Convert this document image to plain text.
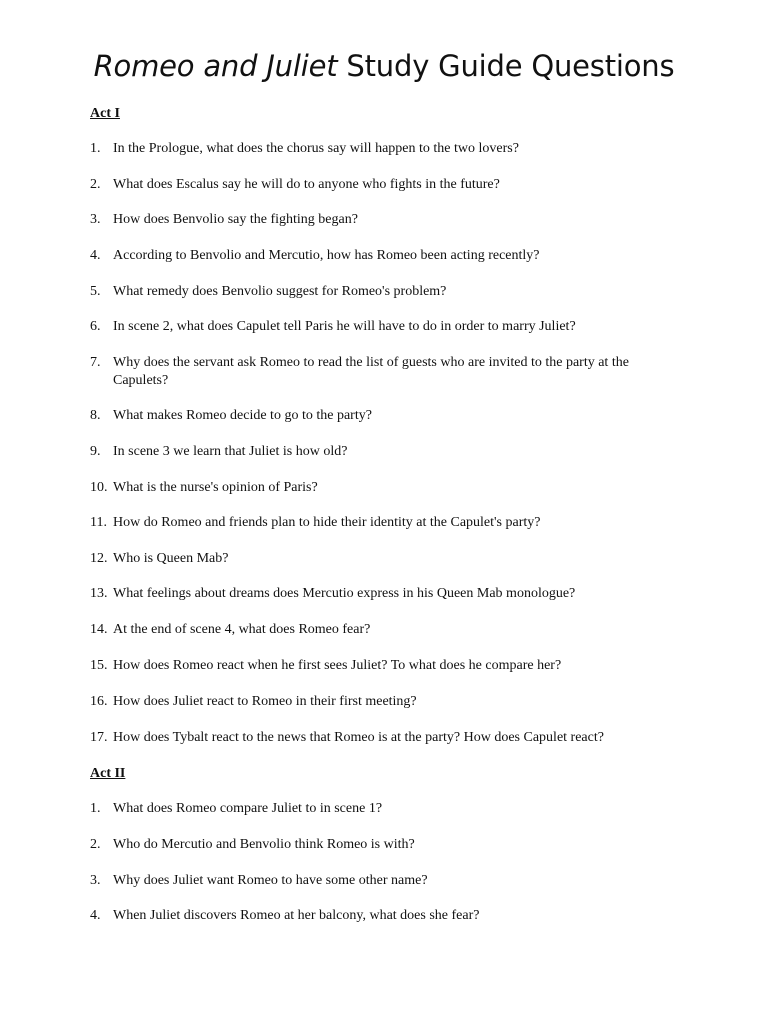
Romeo and Juliet Study Guide Questions
Act I
1. In the Prologue, what does the chorus say will happen to the two lovers?
2. What does Escalus say he will do to anyone who fights in the future?
3. How does Benvolio say the fighting began?
4. According to Benvolio and Mercutio, how has Romeo been acting recently?
5. What remedy does Benvolio suggest for Romeo's problem?
6. In scene 2, what does Capulet tell Paris he will have to do in order to marry Juliet?
7. Why does the servant ask Romeo to read the list of guests who are invited to the party at the Capulets?
8. What makes Romeo decide to go to the party?
9. In scene 3 we learn that Juliet is how old?
10. What is the nurse's opinion of Paris?
11. How do Romeo and friends plan to hide their identity at the Capulet's party?
12. Who is Queen Mab?
13. What feelings about dreams does Mercutio express in his Queen Mab monologue?
14. At the end of scene 4, what does Romeo fear?
15. How does Romeo react when he first sees Juliet? To what does he compare her?
16. How does Juliet react to Romeo in their first meeting?
17. How does Tybalt react to the news that Romeo is at the party? How does Capulet react?
Act II
1. What does Romeo compare Juliet to in scene 1?
2. Who do Mercutio and Benvolio think Romeo is with?
3. Why does Juliet want Romeo to have some other name?
4. When Juliet discovers Romeo at her balcony, what does she fear?
